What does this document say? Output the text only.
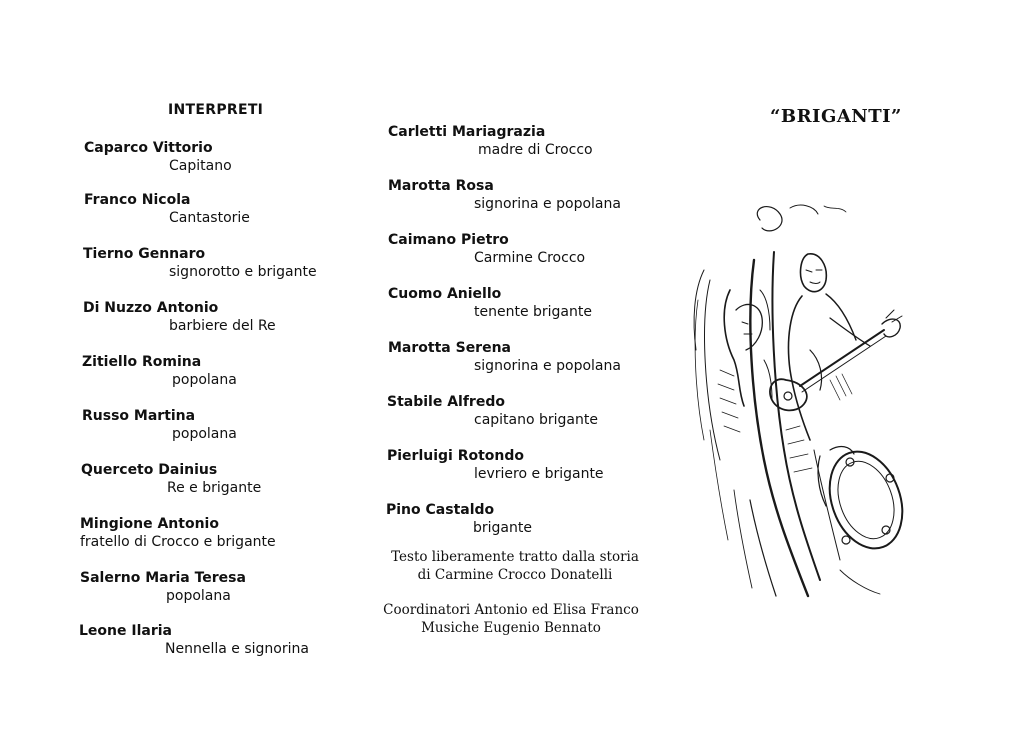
INTERPRETI
Caparco Vittorio
Capitano
Franco Nicola
Cantastorie
Tierno Gennaro
signorotto e brigante
Di Nuzzo Antonio
barbiere del Re
Zitiello Romina
popolana
Russo Martina
popolana
Querceto Dainius
Re e brigante
Mingione Antonio
fratello di Crocco e brigante
Salerno Maria Teresa
popolana
Leone Ilaria
Nennella e signorina
Carletti Mariagrazia
madre di Crocco
Marotta Rosa
signorina e popolana
Caimano Pietro
Carmine Crocco
Cuomo Aniello
tenente brigante
Marotta Serena
signorina e popolana
Stabile Alfredo
capitano brigante
Pierluigi Rotondo
levriero e brigante
Pino Castaldo
brigante
Testo liberamente tratto dalla storia
di Carmine Crocco Donatelli
Coordinatori Antonio ed Elisa Franco
Musiche Eugenio Bennato
“BRIGANTI”
